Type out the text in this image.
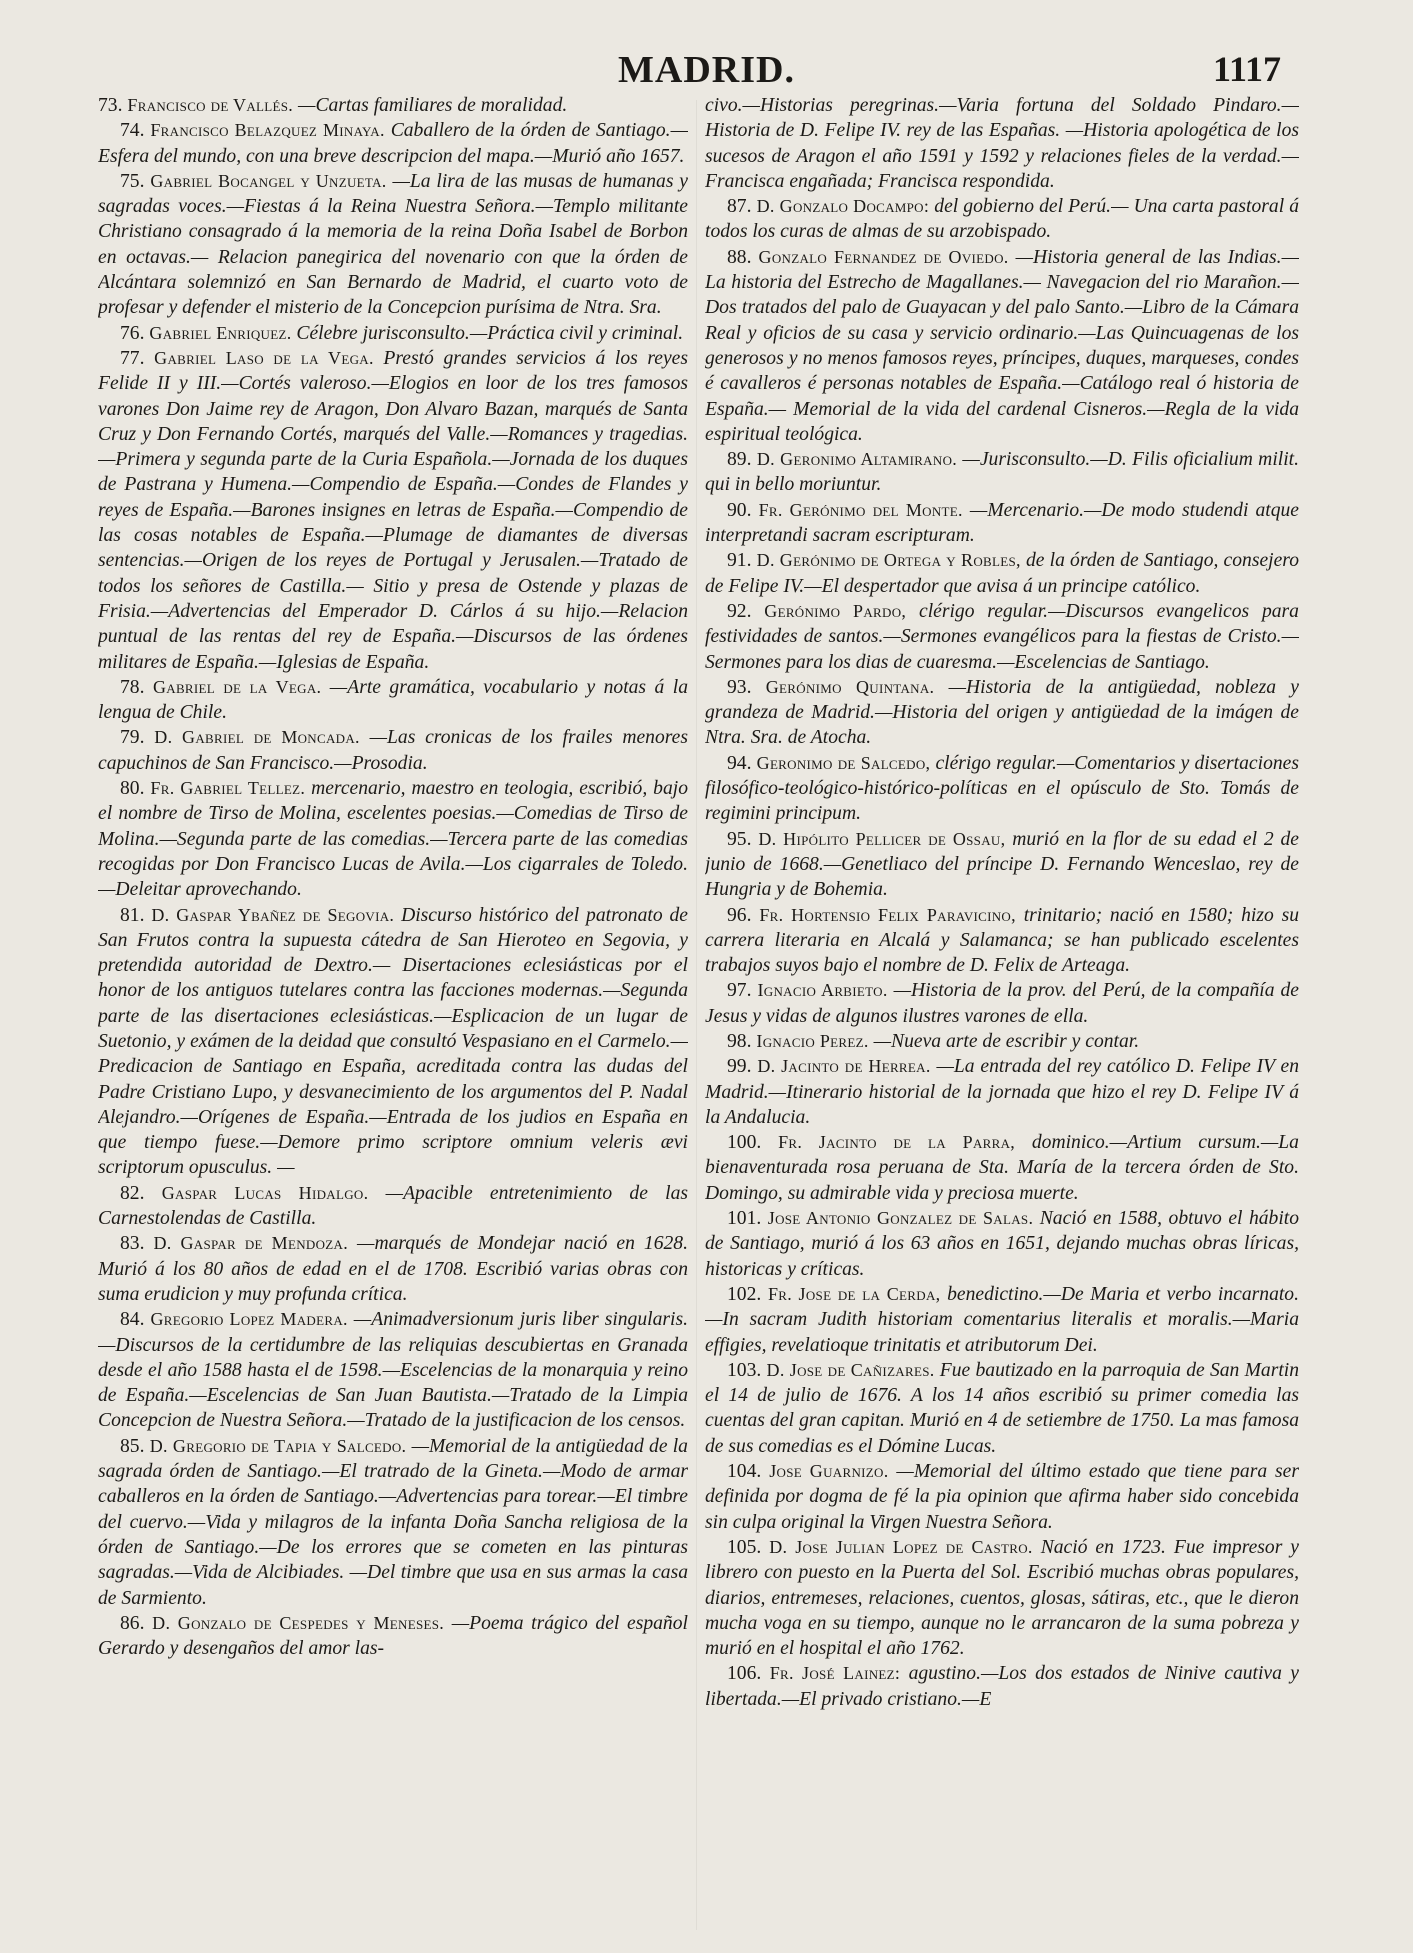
MADRID.	1117

73. Francisco de Vallés. —Cartas familiares de moralidad.

74. Francisco Belazquez Minaya. Caballero de la órden de Santiago.—Esfera del mundo, con una breve descripcion del mapa.—Murió año 1657.

75. Gabriel Bocangel y Unzueta. —La lira de las musas de humanas y sagradas voces.—Fiestas á la Reina Nuestra Señora.—Templo militante Christiano consagrado á la memoria de la reina Doña Isabel de Borbon en octavas.— Relacion panegirica del novenario con que la órden de Alcántara solemnizó en San Bernardo de Madrid, el cuarto voto de profesar y defender el misterio de la Concepcion purísima de Ntra. Sra.

76. Gabriel Enriquez. Célebre jurisconsulto.—Práctica civil y criminal.

77. Gabriel Laso de la Vega. Prestó grandes servicios á los reyes Felide II y III.—Cortés valeroso.—Elogios en loor de los tres famosos varones Don Jaime rey de Aragon, Don Alvaro Bazan, marqués de Santa Cruz y Don Fernando Cortés, marqués del Valle.—Romances y tragedias.—Primera y segunda parte de la Curia Española.—Jornada de los duques de Pastrana y Humena.—Compendio de España.—Condes de Flandes y reyes de España.—Barones insignes en letras de España.—Compendio de las cosas notables de España.—Plumage de diamantes de diversas sentencias.—Origen de los reyes de Portugal y Jerusalen.—Tratado de todos los señores de Castilla.— Sitio y presa de Ostende y plazas de Frisia.—Advertencias del Emperador D. Cárlos á su hijo.—Relacion puntual de las rentas del rey de España.—Discursos de las órdenes militares de España.—Iglesias de España.

78. Gabriel de la Vega. —Arte gramática, vocabulario y notas á la lengua de Chile.

79. D. Gabriel de Moncada. —Las cronicas de los frailes menores capuchinos de San Francisco.—Prosodia.

80. Fr. Gabriel Tellez. mercenario, maestro en teologia, escribió, bajo el nombre de Tirso de Molina, escelentes poesias.—Comedias de Tirso de Molina.—Segunda parte de las comedias.—Tercera parte de las comedias recogidas por Don Francisco Lucas de Avila.—Los cigarrales de Toledo.—Deleitar aprovechando.

81. D. Gaspar Ybañez de Segovia. Discurso histórico del patronato de San Frutos contra la supuesta cátedra de San Hieroteo en Segovia, y pretendida autoridad de Dextro.— Disertaciones eclesiásticas por el honor de los antiguos tutelares contra las facciones modernas.—Segunda parte de las disertaciones eclesiásticas.—Esplicacion de un lugar de Suetonio, y exámen de la deidad que consultó Vespasiano en el Carmelo.—Predicacion de Santiago en España, acreditada contra las dudas del Padre Cristiano Lupo, y desvanecimiento de los argumentos del P. Nadal Alejandro.—Orígenes de España.—Entrada de los judios en España en que tiempo fuese.—Demore primo scriptore omnium veleris ævi scriptorum opusculus. —

82. Gaspar Lucas Hidalgo. —Apacible entretenimiento de las Carnestolendas de Castilla.

83. D. Gaspar de Mendoza. —marqués de Mondejar nació en 1628. Murió á los 80 años de edad en el de 1708. Escribió varias obras con suma erudicion y muy profunda crítica.

84. Gregorio Lopez Madera. —Animadversionum juris liber singularis.—Discursos de la certidumbre de las reliquias descubiertas en Granada desde el año 1588 hasta el de 1598.—Escelencias de la monarquia y reino de España.—Escelencias de San Juan Bautista.—Tratado de la Limpia Concepcion de Nuestra Señora.—Tratado de la justificacion de los censos.

85. D. Gregorio de Tapia y Salcedo. —Memorial de la antigüedad de la sagrada órden de Santiago.—El tratrado de la Gineta.—Modo de armar caballeros en la órden de Santiago.—Advertencias para torear.—El timbre del cuervo.—Vida y milagros de la infanta Doña Sancha religiosa de la órden de Santiago.—De los errores que se cometen en las pinturas sagradas.—Vida de Alcibiades. —Del timbre que usa en sus armas la casa de Sarmiento.

86. D. Gonzalo de Cespedes y Meneses. —Poema trágico del español Gerardo y desengaños del amor las-

civo.—Historias peregrinas.—Varia fortuna del Soldado Pindaro.—Historia de D. Felipe IV. rey de las Españas. —Historia apologética de los sucesos de Aragon el año 1591 y 1592 y relaciones fieles de la verdad.—Francisca engañada; Francisca respondida.

87. D. Gonzalo Docampo: del gobierno del Perú.— Una carta pastoral á todos los curas de almas de su arzobispado.

88. Gonzalo Fernandez de Oviedo. —Historia general de las Indias.—La historia del Estrecho de Magallanes.— Navegacion del rio Marañon.—Dos tratados del palo de Guayacan y del palo Santo.—Libro de la Cámara Real y oficios de su casa y servicio ordinario.—Las Quincuagenas de los generosos y no menos famosos reyes, príncipes, duques, marqueses, condes é cavalleros é personas notables de España.—Catálogo real ó historia de España.— Memorial de la vida del cardenal Cisneros.—Regla de la vida espiritual teológica.

89. D. Geronimo Altamirano. —Jurisconsulto.—D. Filis oficialium milit. qui in bello moriuntur.

90. Fr. Gerónimo del Monte. —Mercenario.—De modo studendi atque interpretandi sacram escripturam.

91. D. Gerónimo de Ortega y Robles, de la órden de Santiago, consejero de Felipe IV.—El despertador que avisa á un principe católico.

92. Gerónimo Pardo, clérigo regular.—Discursos evangelicos para festividades de santos.—Sermones evangélicos para la fiestas de Cristo.—Sermones para los dias de cuaresma.—Escelencias de Santiago.

93. Gerónimo Quintana. —Historia de la antigüedad, nobleza y grandeza de Madrid.—Historia del origen y antigüedad de la imágen de Ntra. Sra. de Atocha.

94. Geronimo de Salcedo, clérigo regular.—Comentarios y disertaciones filosófico-teológico-histórico-políticas en el opúsculo de Sto. Tomás de regimini principum.

95. D. Hipólito Pellicer de Ossau, murió en la flor de su edad el 2 de junio de 1668.—Genetliaco del príncipe D. Fernando Wenceslao, rey de Hungria y de Bohemia.

96. Fr. Hortensio Felix Paravicino, trinitario; nació en 1580; hizo su carrera literaria en Alcalá y Salamanca; se han publicado escelentes trabajos suyos bajo el nombre de D. Felix de Arteaga.

97. Ignacio Arbieto. —Historia de la prov. del Perú, de la compañía de Jesus y vidas de algunos ilustres varones de ella.

98. Ignacio Perez. —Nueva arte de escribir y contar.

99. D. Jacinto de Herrea. —La entrada del rey católico D. Felipe IV en Madrid.—Itinerario historial de la jornada que hizo el rey D. Felipe IV á la Andalucia.

100. Fr. Jacinto de la Parra, dominico.—Artium cursum.—La bienaventurada rosa peruana de Sta. María de la tercera órden de Sto. Domingo, su admirable vida y preciosa muerte.

101. Jose Antonio Gonzalez de Salas. Nació en 1588, obtuvo el hábito de Santiago, murió á los 63 años en 1651, dejando muchas obras líricas, historicas y críticas.

102. Fr. Jose de la Cerda, benedictino.—De Maria et verbo incarnato.—In sacram Judith historiam comentarius literalis et moralis.—Maria effigies, revelatioque trinitatis et atributorum Dei.

103. D. Jose de Cañizares. Fue bautizado en la parroquia de San Martin el 14 de julio de 1676. A los 14 años escribió su primer comedia las cuentas del gran capitan. Murió en 4 de setiembre de 1750. La mas famosa de sus comedias es el Dómine Lucas.

104. Jose Guarnizo. —Memorial del último estado que tiene para ser definida por dogma de fé la pia opinion que afirma haber sido concebida sin culpa original la Virgen Nuestra Señora.

105. D. Jose Julian Lopez de Castro. Nació en 1723. Fue impresor y librero con puesto en la Puerta del Sol. Escribió muchas obras populares, diarios, entremeses, relaciones, cuentos, glosas, sátiras, etc., que le dieron mucha voga en su tiempo, aunque no le arrancaron de la suma pobreza y murió en el hospital el año 1762.

106. Fr. José Lainez: agustino.—Los dos estados de Ninive cautiva y libertada.—El privado cristiano.—E
